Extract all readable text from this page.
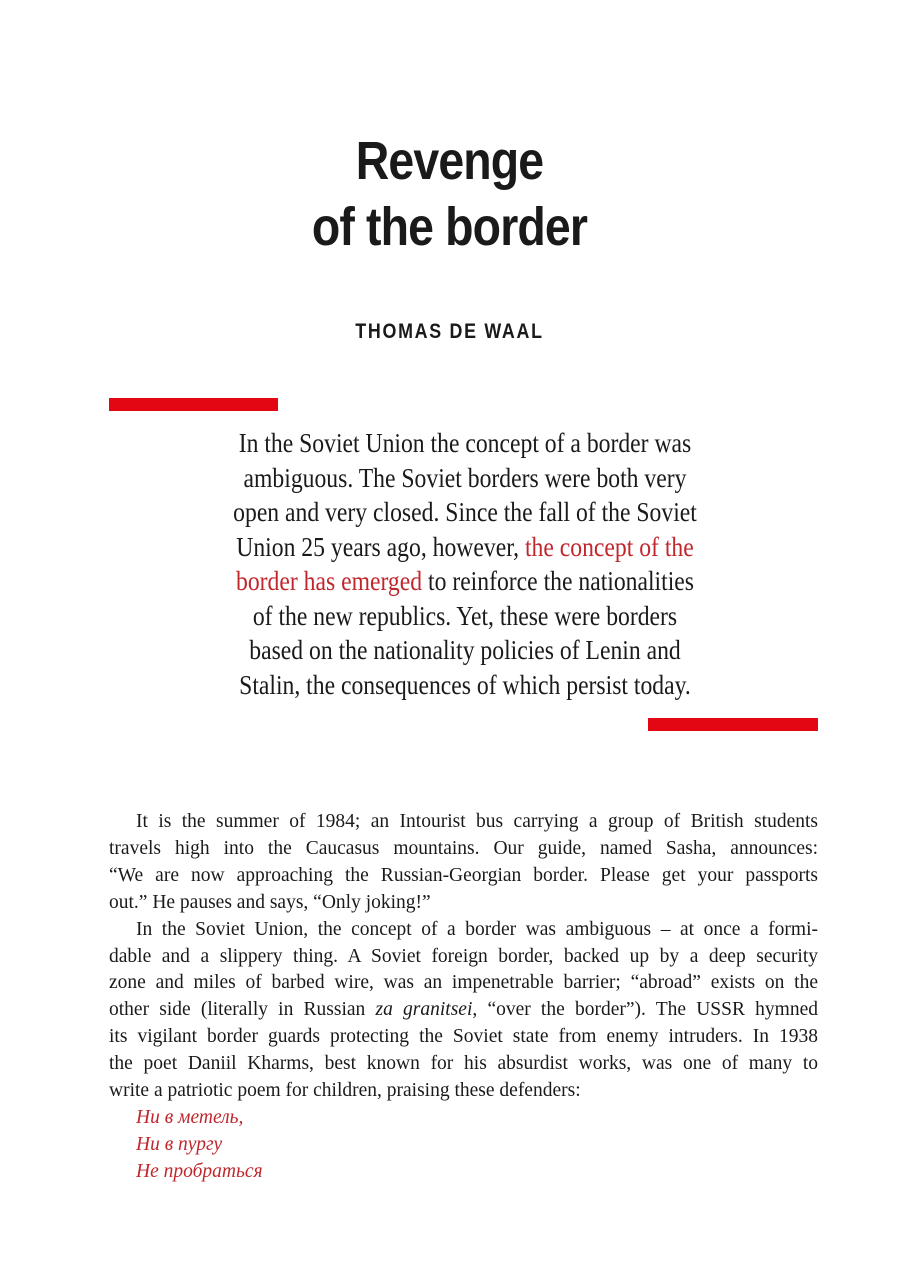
Revenge
of the border
THOMAS DE WAAL
In the Soviet Union the concept of a border was
ambiguous. The Soviet borders were both very
open and very closed. Since the fall of the Soviet
Union 25 years ago, however, the concept of the
border has emerged to reinforce the nationalities
of the new republics. Yet, these were borders
based on the nationality policies of Lenin and
Stalin, the consequences of which persist today.

It is the summer of 1984; an Intourist bus carrying a group of British students
travels high into the Caucasus mountains. Our guide, named Sasha, announces:
“We are now approaching the Russian-Georgian border. Please get your passports
out.” He pauses and says, “Only joking!”

In the Soviet Union, the concept of a border was ambiguous – at once a formi-
dable and a slippery thing. A Soviet foreign border, backed up by a deep security
zone and miles of barbed wire, was an impenetrable barrier; “abroad” exists on the
other side (literally in Russian za granitsei, “over the border”). The USSR hymned
its vigilant border guards protecting the Soviet state from enemy intruders. In 1938
the poet Daniil Kharms, best known for his absurdist works, was one of many to
write a patriotic poem for children, praising these defenders:

Ни в метель,
Ни в пургу
Не пробраться
